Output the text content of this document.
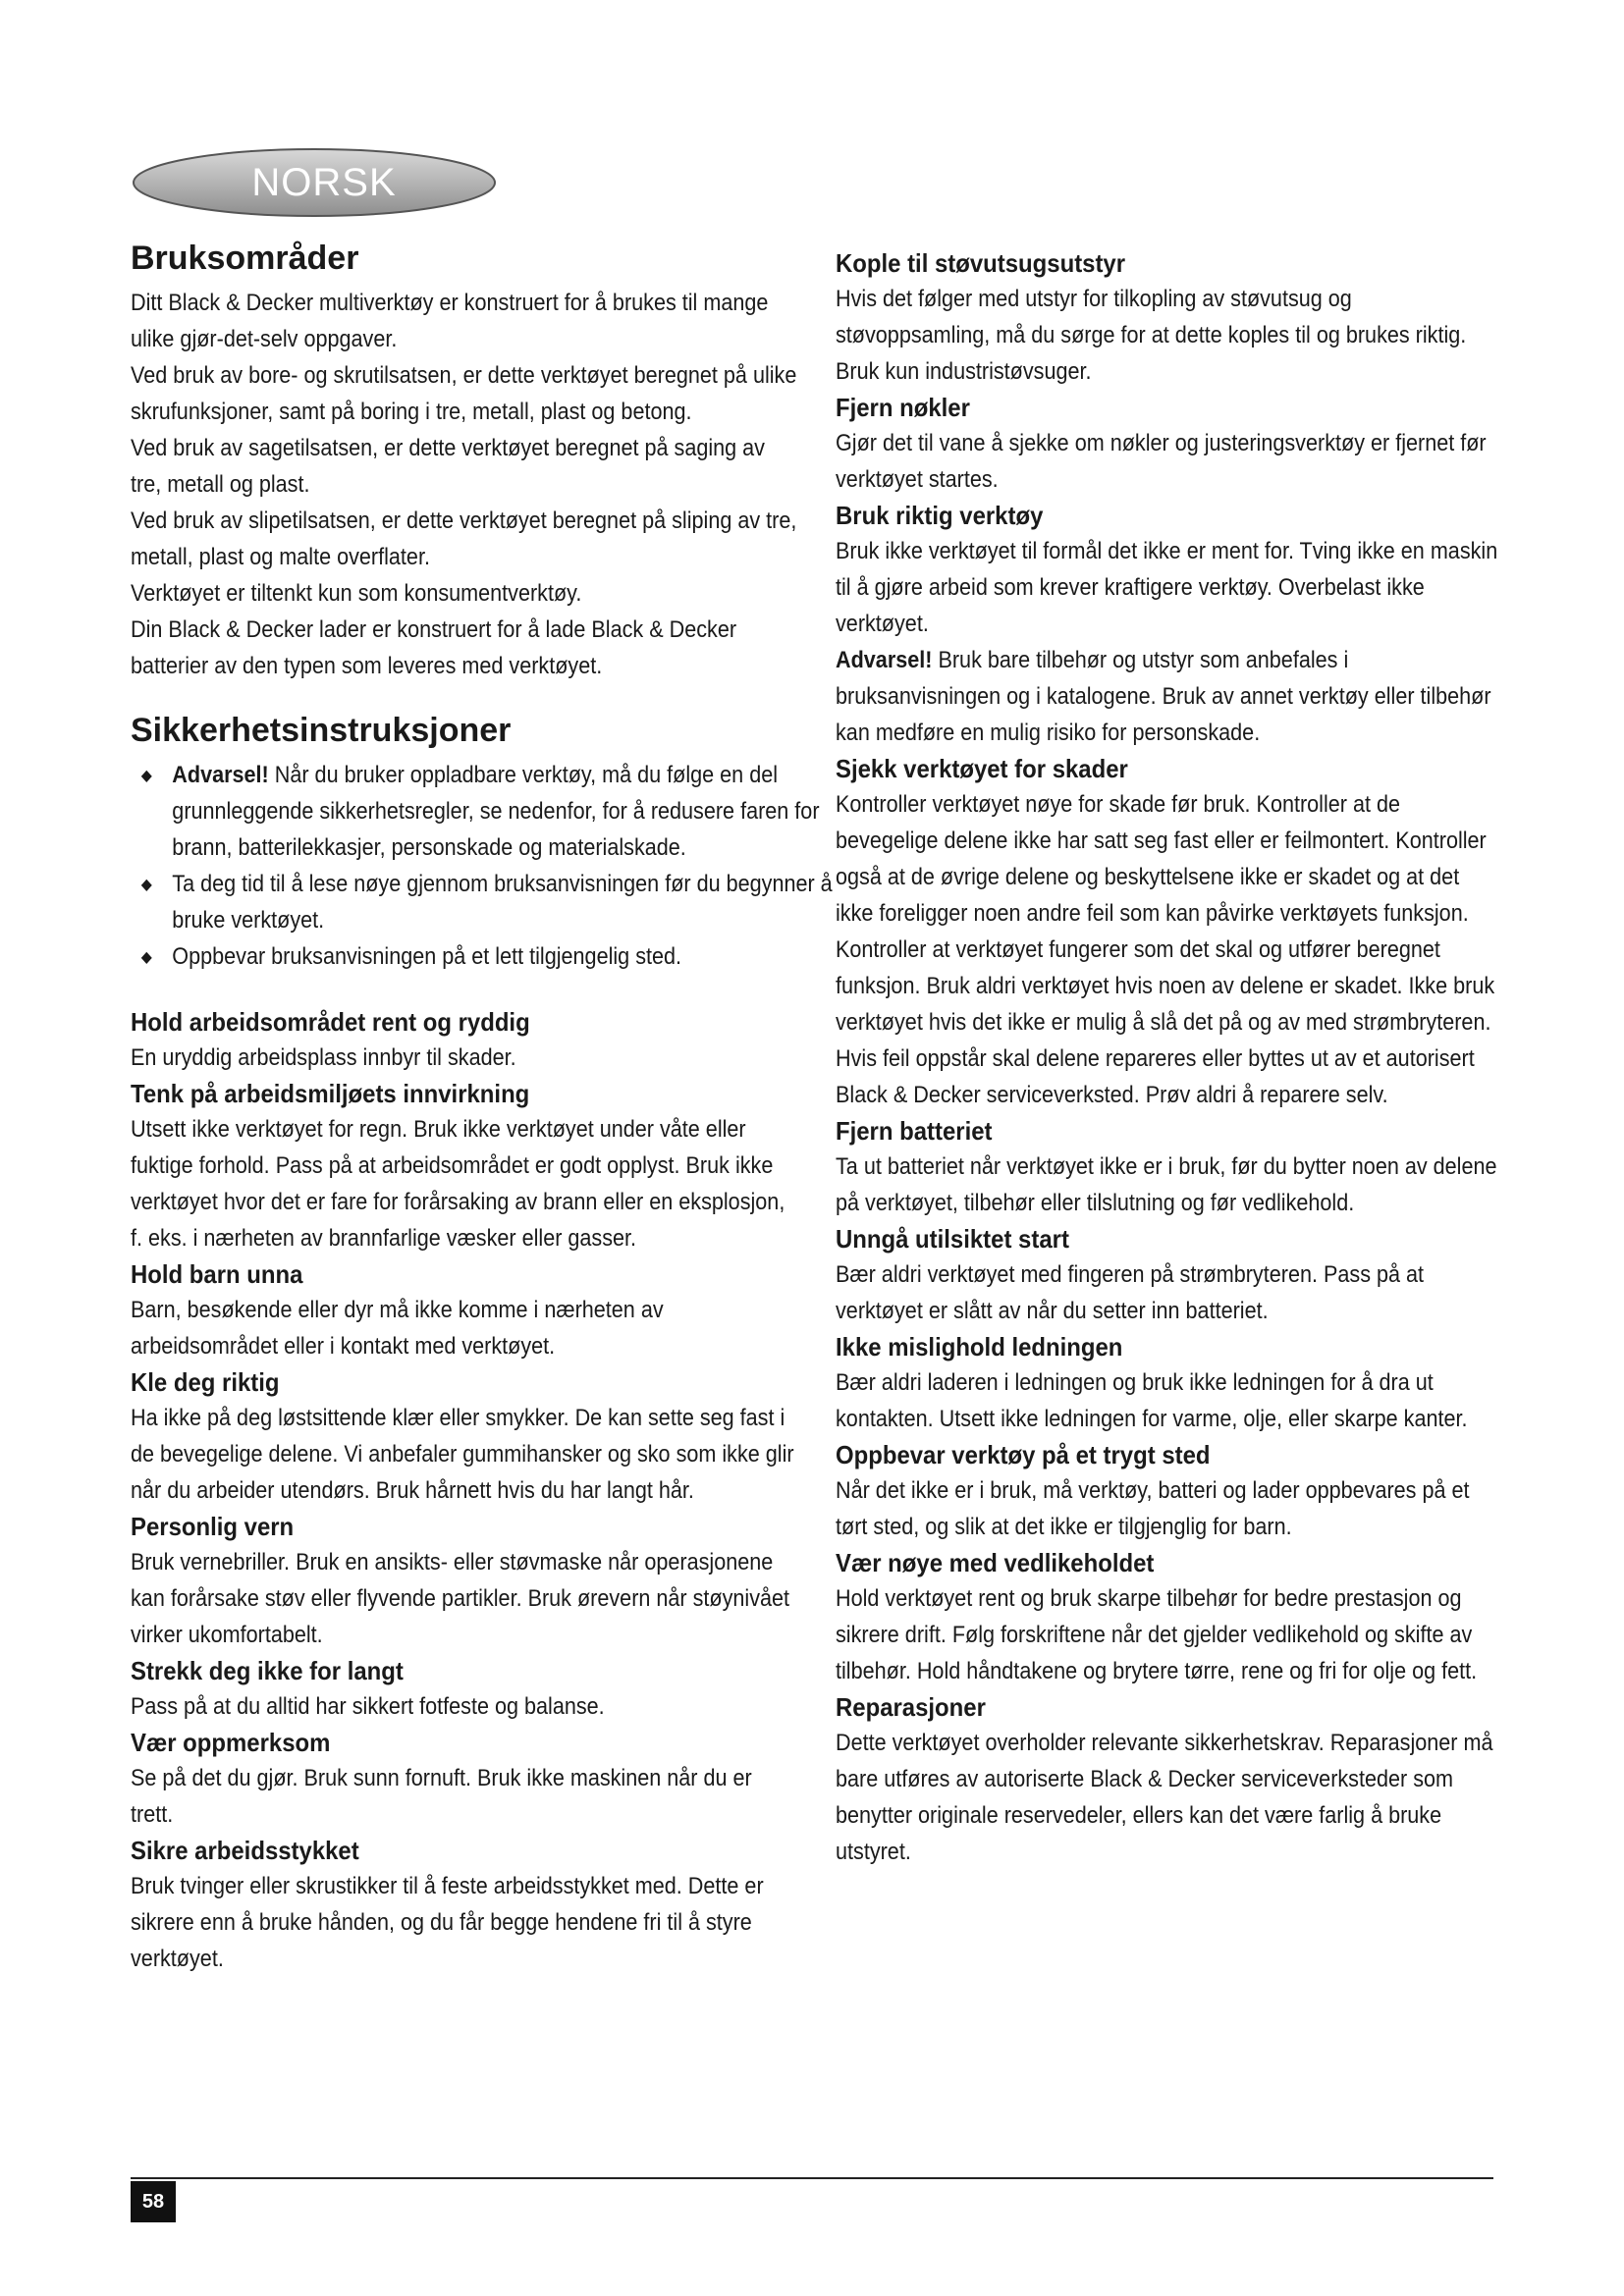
NORSK
Bruksområder

Ditt Black & Decker multiverktøy er konstruert for å brukes til mange ulike gjør-det-selv oppgaver.

Ved bruk av bore- og skrutilsatsen, er dette verktøyet beregnet på ulike skrufunksjoner, samt på boring i tre, metall, plast og betong.

Ved bruk av sagetilsatsen, er dette verktøyet beregnet på saging av tre, metall og plast.

Ved bruk av slipetilsatsen, er dette verktøyet beregnet på sliping av tre, metall, plast og malte overflater.

Verktøyet er tiltenkt kun som konsumentverktøy.

Din Black & Decker lader er konstruert for å lade Black & Decker batterier av den typen som leveres med verktøyet.

Sikkerhetsinstruksjoner
◆ Advarsel! Når du bruker oppladbare verktøy, må du følge en del grunnleggende sikkerhetsregler, se nedenfor, for å redusere faren for brann, batterilekkasjer, personskade og materialskade.
◆ Ta deg tid til å lese nøye gjennom bruksanvisningen før du begynner å bruke verktøyet.
◆ Oppbevar bruksanvisningen på et lett tilgjengelig sted.
Hold arbeidsområdet rent og ryddig

En uryddig arbeidsplass innbyr til skader.

Tenk på arbeidsmiljøets innvirkning

Utsett ikke verktøyet for regn. Bruk ikke verktøyet under våte eller fuktige forhold. Pass på at arbeidsområdet er godt opplyst. Bruk ikke verktøyet hvor det er fare for forårsaking av brann eller en eksplosjon, f. eks. i nærheten av brannfarlige væsker eller gasser.

Hold barn unna

Barn, besøkende eller dyr må ikke komme i nærheten av arbeidsområdet eller i kontakt med verktøyet.

Kle deg riktig

Ha ikke på deg løstsittende klær eller smykker. De kan sette seg fast i de bevegelige delene. Vi anbefaler gummihansker og sko som ikke glir når du arbeider utendørs. Bruk hårnett hvis du har langt hår.

Personlig vern

Bruk vernebriller. Bruk en ansikts- eller støvmaske når operasjonene kan forårsake støv eller flyvende partikler. Bruk ørevern når støynivået virker ukomfortabelt.

Strekk deg ikke for langt

Pass på at du alltid har sikkert fotfeste og balanse.

Vær oppmerksom

Se på det du gjør. Bruk sunn fornuft. Bruk ikke maskinen når du er trett.

Sikre arbeidsstykket

Bruk tvinger eller skrustikker til å feste arbeidsstykket med. Dette er sikrere enn å bruke hånden, og du får begge hendene fri til å styre verktøyet.

Kople til støvutsugsutstyr

Hvis det følger med utstyr for tilkopling av støvutsug og støvoppsamling, må du sørge for at dette koples til og brukes riktig. Bruk kun industristøvsuger.

Fjern nøkler

Gjør det til vane å sjekke om nøkler og justeringsverktøy er fjernet før verktøyet startes.

Bruk riktig verktøy

Bruk ikke verktøyet til formål det ikke er ment for. Tving ikke en maskin til å gjøre arbeid som krever kraftigere verktøy. Overbelast ikke verktøyet.

Advarsel! Bruk bare tilbehør og utstyr som anbefales i bruksanvisningen og i katalogene. Bruk av annet verktøy eller tilbehør kan medføre en mulig risiko for personskade.

Sjekk verktøyet for skader

Kontroller verktøyet nøye for skade før bruk. Kontroller at de bevegelige delene ikke har satt seg fast eller er feilmontert. Kontroller også at de øvrige delene og beskyttelsene ikke er skadet og at det ikke foreligger noen andre feil som kan påvirke verktøyets funksjon. Kontroller at verktøyet fungerer som det skal og utfører beregnet funksjon. Bruk aldri verktøyet hvis noen av delene er skadet. Ikke bruk verktøyet hvis det ikke er mulig å slå det på og av med strømbryteren. Hvis feil oppstår skal delene repareres eller byttes ut av et autorisert Black & Decker serviceverksted. Prøv aldri å reparere selv.

Fjern batteriet

Ta ut batteriet når verktøyet ikke er i bruk, før du bytter noen av delene på verktøyet, tilbehør eller tilslutning og før vedlikehold.

Unngå utilsiktet start

Bær aldri verktøyet med fingeren på strømbryteren. Pass på at verktøyet er slått av når du setter inn batteriet.

Ikke mislighold ledningen

Bær aldri laderen i ledningen og bruk ikke ledningen for å dra ut kontakten. Utsett ikke ledningen for varme, olje, eller skarpe kanter.

Oppbevar verktøy på et trygt sted

Når det ikke er i bruk, må verktøy, batteri og lader oppbevares på et tørt sted, og slik at det ikke er tilgjenglig for barn.

Vær nøye med vedlikeholdet

Hold verktøyet rent og bruk skarpe tilbehør for bedre prestasjon og sikrere drift. Følg forskriftene når det gjelder vedlikehold og skifte av tilbehør. Hold håndtakene og brytere tørre, rene og fri for olje og fett.

Reparasjoner

Dette verktøyet overholder relevante sikkerhetskrav. Reparasjoner må bare utføres av autoriserte Black & Decker serviceverksteder som benytter originale reservedeler, ellers kan det være farlig å bruke utstyret.

58
